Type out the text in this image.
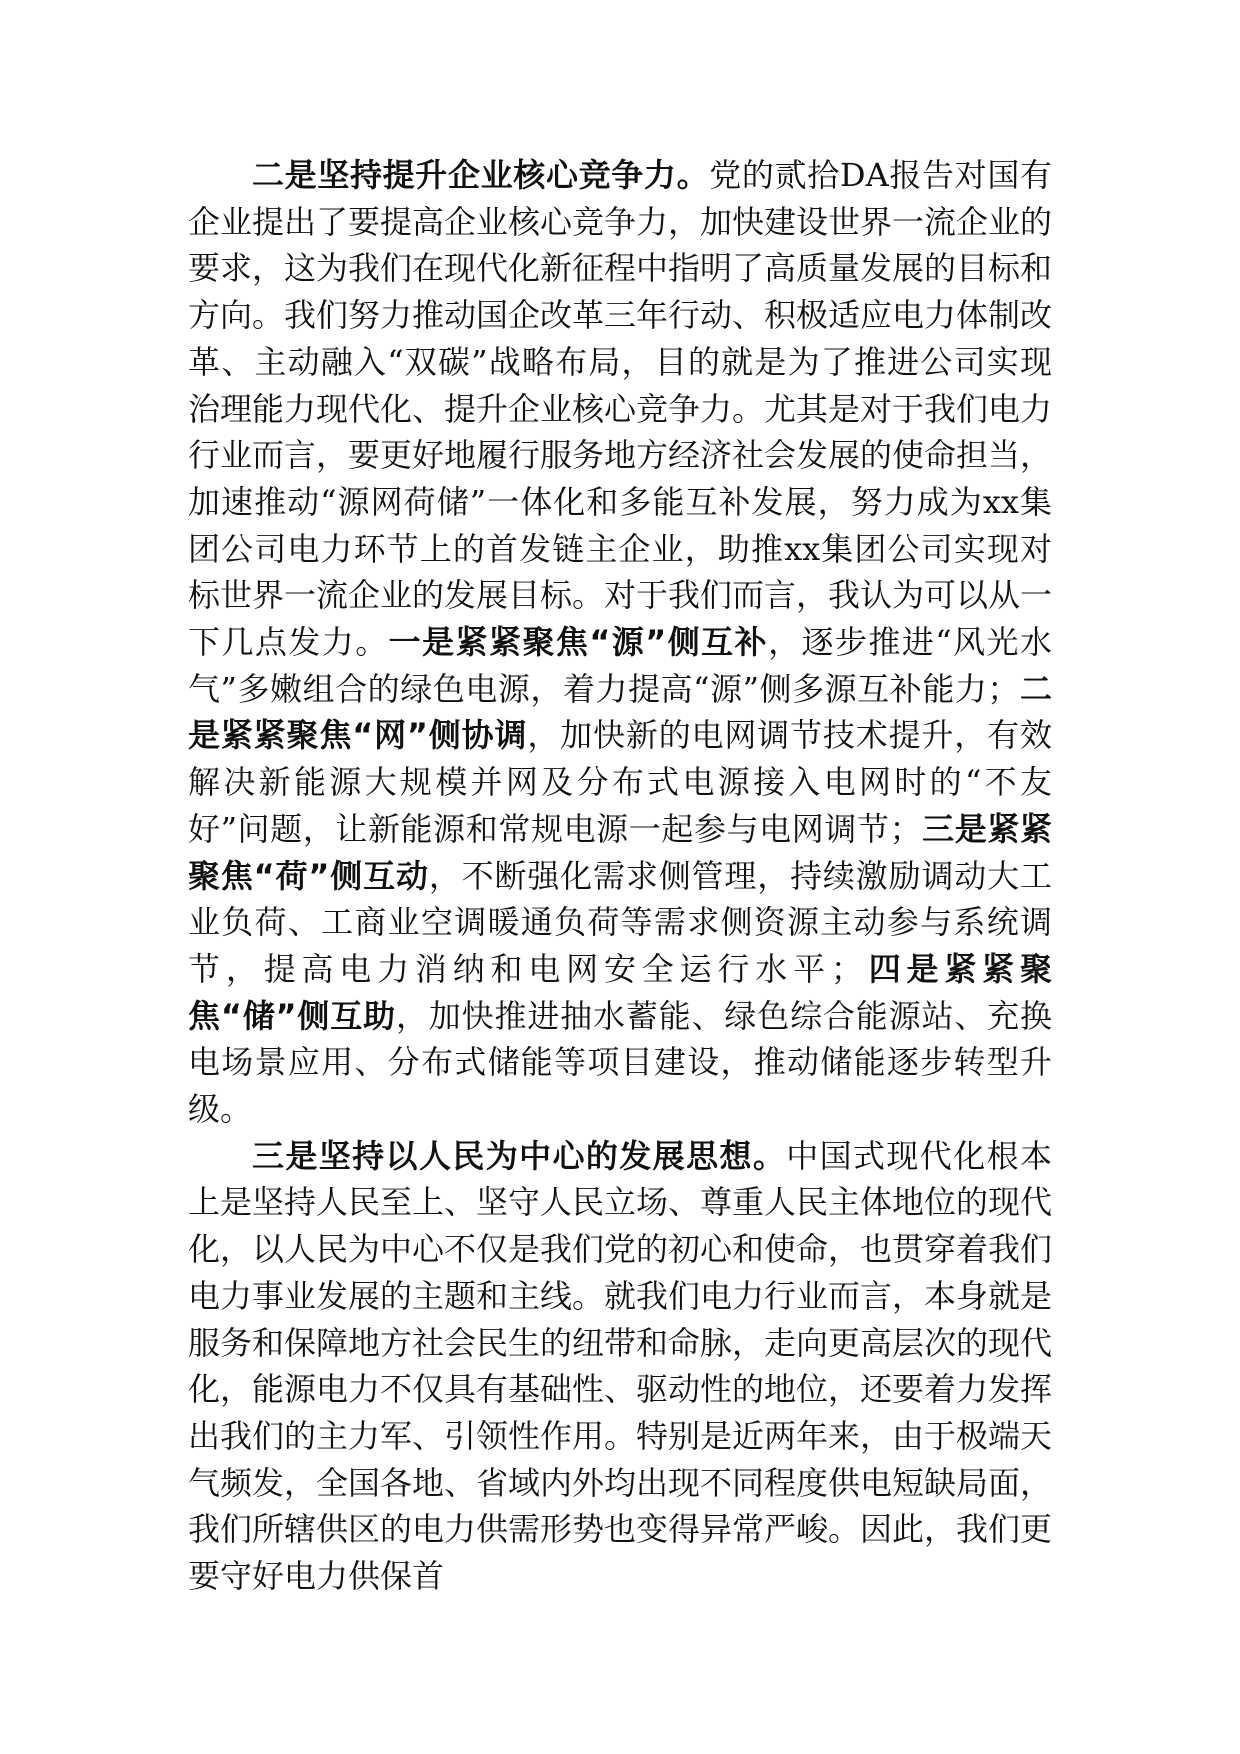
二是坚持提升企业核心竞争力。党的贰拾DA报告对国有企业提出了要提高企业核心竞争力，加快建设世界一流企业的要求，这为我们在现代化新征程中指明了高质量发展的目标和方向。我们努力推动国企改革三年行动、积极适应电力体制改革、主动融入“双碳”战略布局，目的就是为了推进公司实现治理能力现代化、提升企业核心竞争力。尤其是对于我们电力行业而言，要更好地履行服务地方经济社会发展的使命担当，加速推动“源网荷储”一体化和多能互补发展，努力成为xx集团公司电力环节上的首发链主企业，助推xx集团公司实现对标世界一流企业的发展目标。对于我们而言，我认为可以从一下几点发力。一是紧紧聚焦“源”侧互补，逐步推进“风光水气”多嫩组合的绿色电源，着力提高“源”侧多源互补能力；二是紧紧聚焦“网”侧协调，加快新的电网调节技术提升，有效解决新能源大规模并网及分布式电源接入电网时的“不友好”问题，让新能源和常规电源一起参与电网调节；三是紧紧聚焦“荷”侧互动，不断强化需求侧管理，持续激励调动大工业负荷、工商业空调暖通负荷等需求侧资源主动参与系统调节，提高电力消纳和电网安全运行水平；四是紧紧聚焦“储”侧互助，加快推进抽水蓄能、绿色综合能源站、充换电场景应用、分布式储能等项目建设，推动储能逐步转型升级。

三是坚持以人民为中心的发展思想。中国式现代化根本上是坚持人民至上、坚守人民立场、尊重人民主体地位的现代化，以人民为中心不仅是我们党的初心和使命，也贯穿着我们电力事业发展的主题和主线。就我们电力行业而言，本身就是服务和保障地方社会民生的纽带和命脉，走向更高层次的现代化，能源电力不仅具有基础性、驱动性的地位，还要着力发挥出我们的主力军、引领性作用。特别是近两年来，由于极端天气频发，全国各地、省域内外均出现不同程度供电短缺局面，我们所辖供区的电力供需形势也变得异常严峻。因此，我们更要守好电力供保首
